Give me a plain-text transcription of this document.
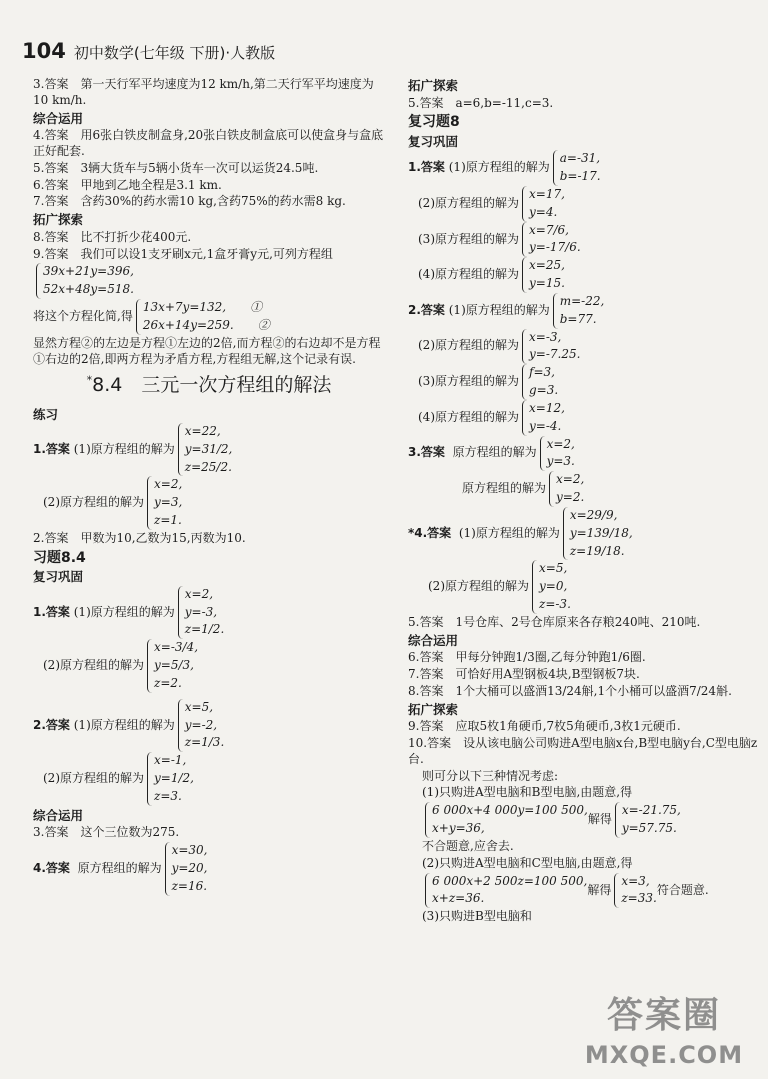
104 初中数学(七年级 下册)·人教版
3.答案　第一天行军平均速度为12 km/h,第二天行军平均速度为10 km/h.
综合运用
4.答案　用6张白铁皮制盒身,20张白铁皮制盒底可以使盒身与盒底正好配套.
5.答案　3辆大货车与5辆小货车一次可以运货24.5吨.
6.答案　甲地到乙地全程是3.1 km.
7.答案　含药30%的药水需10 kg,含药75%的药水需8 kg.
拓广探索
8.答案　比不打折少花400元.
9.答案　我们可以设1支牙刷x元,1盒牙膏y元,可列方程组
39x+21y=396,
52x+48y=518.
将这个方程化简,得
13x+7y=132,　　①
26x+14y=259.　　②
显然方程②的左边是方程①左边的2倍,而方程②的右边却不是方程①右边的2倍,即两方程为矛盾方程,方程组无解,这个记录有误.
*8.4　三元一次方程组的解法
练习
1.答案
(1)原方程组的解为
x=22,
y=31/2,
z=25/2.
(2)原方程组的解为
x=2,
y=3,
z=1.
2.答案　甲数为10,乙数为15,丙数为10.
习题8.4
复习巩固
1.答案
(1)原方程组的解为
x=2,
y=-3,
z=1/2.
(2)原方程组的解为
x=-3/4,
y=5/3,
z=2.
2.答案
(1)原方程组的解为
x=5,
y=-2,
z=1/3.
(2)原方程组的解为
x=-1,
y=1/2,
z=3.
综合运用
3.答案　这个三位数为275.
4.答案
原方程组的解为
x=30,
y=20,
z=16.
拓广探索
5.答案　a=6,b=-11,c=3.
复习题8
复习巩固
1.答案
(1)原方程组的解为
a=-31,
b=-17.
(2)原方程组的解为
x=17,
y=4.
(3)原方程组的解为
x=7/6,
y=-17/6.
(4)原方程组的解为
x=25,
y=15.
2.答案
(1)原方程组的解为
m=-22,
b=77.
(2)原方程组的解为
x=-3,
y=-7.25.
(3)原方程组的解为
f=3,
g=3.
(4)原方程组的解为
x=12,
y=-4.
3.答案
原方程组的解为
x=2,
y=3.
原方程组的解为
x=2,
y=2.
*4.答案
(1)原方程组的解为
x=29/9,
y=139/18,
z=19/18.
(2)原方程组的解为
x=5,
y=0,
z=-3.
5.答案　1号仓库、2号仓库原来各存粮240吨、210吨.
综合运用
6.答案　甲每分钟跑1/3圈,乙每分钟跑1/6圈.
7.答案　可恰好用A型钢板4块,B型钢板7块.
8.答案　1个大桶可以盛酒13/24斛,1个小桶可以盛酒7/24斛.
拓广探索
9.答案　应取5枚1角硬币,7枚5角硬币,3枚1元硬币.
10.答案　设从该电脑公司购进A型电脑x台,B型电脑y台,C型电脑z台.
则可分以下三种情况考虑:
(1)只购进A型电脑和B型电脑,由题意,得
6 000x+4 000y=100 500,
x+y=36,
解得
x=-21.75,
y=57.75.
不合题意,应舍去.
(2)只购进A型电脑和C型电脑,由题意,得
6 000x+2 500z=100 500,
x+z=36.
解得
x=3,
z=33.
符合题意.
(3)只购进B型电脑和
答案圈
MXQE.COM
